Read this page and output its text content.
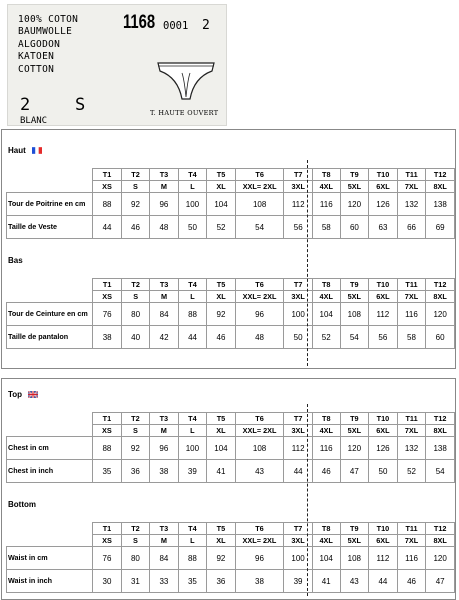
100% COTON
BAUMWOLLE
ALGODON
KATOEN
COTTON
1168 0001 2
2	S
BLANC
T. HAUTE OUVERT
Haut
	T1	T2	T3	T4	T5	T6	T7	T8	T9	T10	T11	T12
	XS	S	M	L	XL	XXL= 2XL	3XL	4XL	5XL	6XL	7XL	8XL
Tour de Poitrine en cm	88	92	96	100	104	108	112	116	120	126	132	138
Taille de Veste	44	46	48	50	52	54	56	58	60	63	66	69
Bas
	T1	T2	T3	T4	T5	T6	T7	T8	T9	T10	T11	T12
	XS	S	M	L	XL	XXL= 2XL	3XL	4XL	5XL	6XL	7XL	8XL
Tour de Ceinture en cm	76	80	84	88	92	96	100	104	108	112	116	120
Taille de pantalon	38	40	42	44	46	48	50	52	54	56	58	60
Top
	T1	T2	T3	T4	T5	T6	T7	T8	T9	T10	T11	T12
	XS	S	M	L	XL	XXL= 2XL	3XL	4XL	5XL	6XL	7XL	8XL
Chest in cm	88	92	96	100	104	108	112	116	120	126	132	138
Chest in inch	35	36	38	39	41	43	44	46	47	50	52	54
Bottom
	T1	T2	T3	T4	T5	T6	T7	T8	T9	T10	T11	T12
	XS	S	M	L	XL	XXL= 2XL	3XL	4XL	5XL	6XL	7XL	8XL
Waist in cm	76	80	84	88	92	96	100	104	108	112	116	120
Waist in inch	30	31	33	35	36	38	39	41	43	44	46	47
